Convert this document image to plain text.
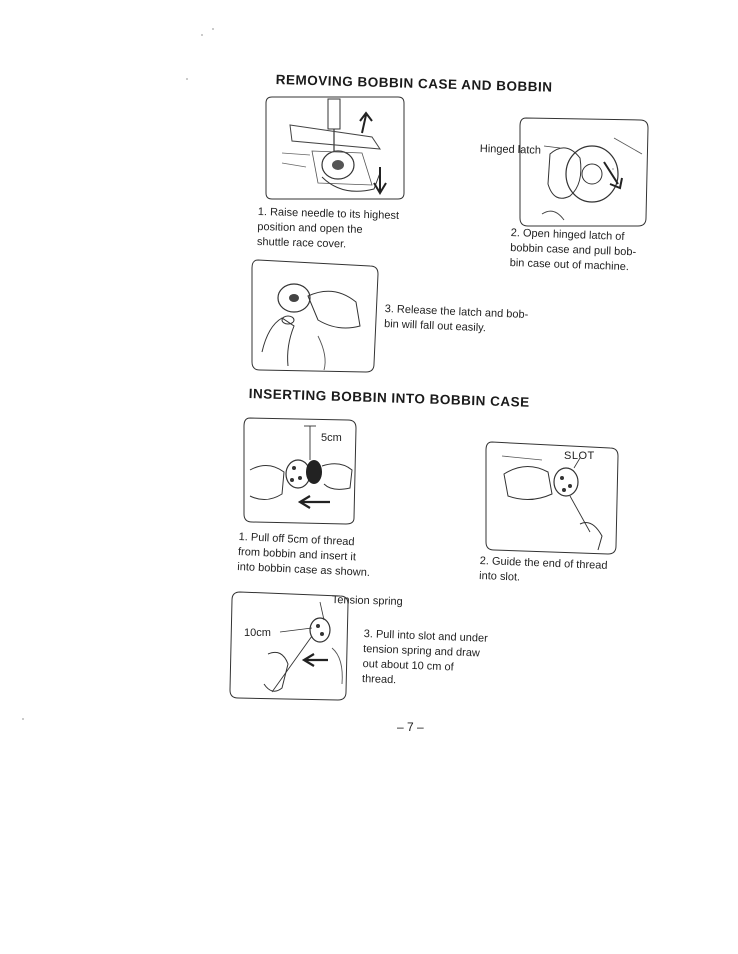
REMOVING BOBBIN CASE AND BOBBIN
1. Raise needle to its highest
position and open the
shuttle race cover.
Hinged latch
2. Open hinged latch of
bobbin case and pull bob-
bin case out of machine.
3. Release the latch and bob-
bin will fall out easily.
INSERTING BOBBIN INTO BOBBIN CASE
5cm
1. Pull off 5cm of thread
from bobbin and insert it
into bobbin case as shown.
SLOT
2. Guide the end of thread
into slot.
Tension spring
10cm	3. Pull into slot and under
tension spring and draw
out about 10 cm of
thread.
– 7 –
